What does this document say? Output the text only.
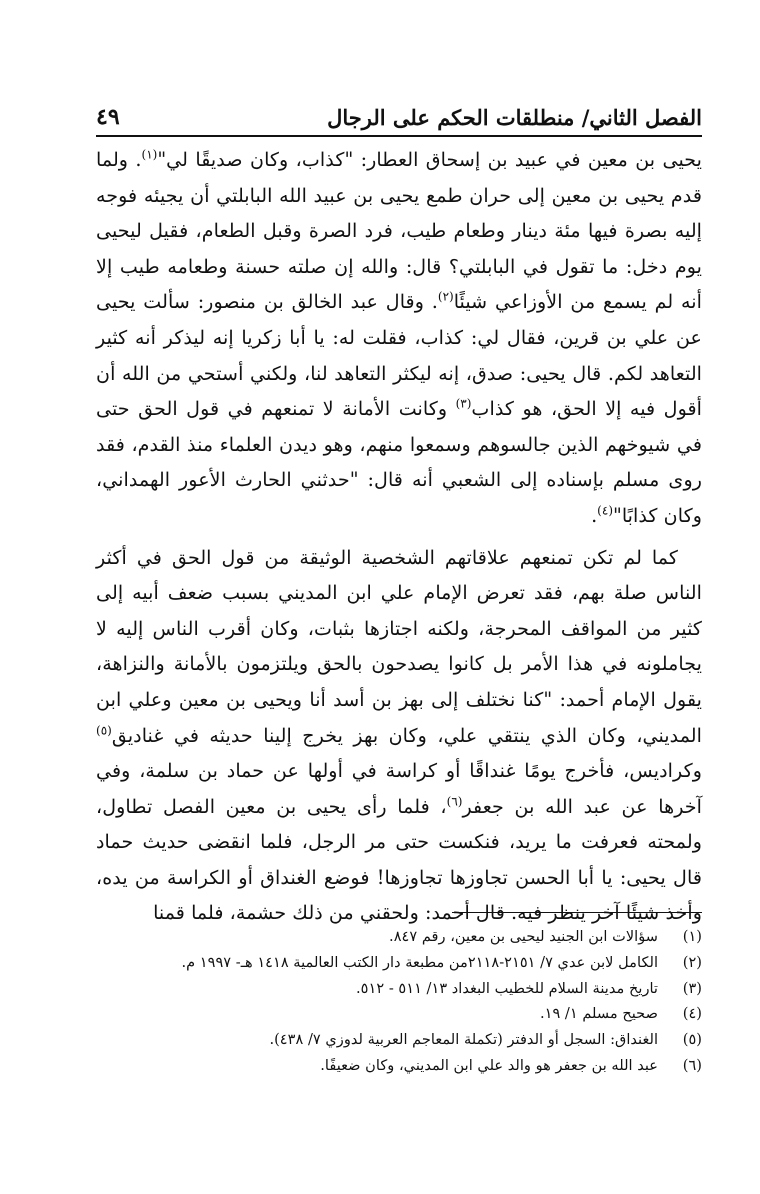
الفصل الثاني/ منطلقات الحكم على الرجال
٤٩

يحيى بن معين في عبيد بن إسحاق العطار: "كذاب، وكان صديقًا لي"$^{(١)}$. ولما قدم يحيى بن معين إلى حران طمع يحيى بن عبيد الله البابلتي أن يجيئه فوجه إليه بصرة فيها مئة دينار وطعام طيب، فرد الصرة وقبل الطعام، فقيل ليحيى يوم دخل: ما تقول في البابلتي؟ قال: والله إن صلته حسنة وطعامه طيب إلا أنه لم يسمع من الأوزاعي شيئًا$^{(٢)}$. وقال عبد الخالق بن منصور: سألت يحيى عن علي بن قرين، فقال لي: كذاب، فقلت له: يا أبا زكريا إنه ليذكر أنه كثير التعاهد لكم. قال يحيى: صدق، إنه ليكثر التعاهد لنا، ولكني أستحي من الله أن أقول فيه إلا الحق، هو كذاب$^{(٣)}$ وكانت الأمانة لا تمنعهم في قول الحق حتى في شيوخهم الذين جالسوهم وسمعوا منهم، وهو ديدن العلماء منذ القدم، فقد روى مسلم بإسناده إلى الشعبي أنه قال: "حدثني الحارث الأعور الهمداني، وكان كذابًا"$^{(٤)}$.

كما لم تكن تمنعهم علاقاتهم الشخصية الوثيقة من قول الحق في أكثر الناس صلة بهم، فقد تعرض الإمام علي ابن المديني بسبب ضعف أبيه إلى كثير من المواقف المحرجة، ولكنه اجتازها بثبات، وكان أقرب الناس إليه لا يجاملونه في هذا الأمر بل كانوا يصدحون بالحق ويلتزمون بالأمانة والنزاهة، يقول الإمام أحمد: "كنا نختلف إلى بهز بن أسد أنا ويحيى بن معين وعلي ابن المديني، وكان الذي ينتقي علي، وكان بهز يخرج إلينا حديثه في غناديق$^{(٥)}$ وكراديس، فأخرج يومًا غنداقًا أو كراسة في أولها عن حماد بن سلمة، وفي آخرها عن عبد الله بن جعفر$^{(٦)}$، فلما رأى يحيى بن معين الفصل تطاول، ولمحته فعرفت ما يريد، فنكست حتى مر الرجل، فلما انقضى حديث حماد قال يحيى: يا أبا الحسن تجاوزها تجاوزها! فوضع الغنداق أو الكراسة من يده، وأخذ شيئًا آخر ينظر فيه. قال أحمد: ولحقني من ذلك حشمة، فلما قمنا

(١)
سؤالات ابن الجنيد ليحيى بن معين، رقم ٨٤٧.
(٢)
الكامل لابن عدي ٧/ ٢١٥١-٢١١٨من مطبعة دار الكتب العالمية ١٤١٨ هـ- ١٩٩٧ م.
(٣)
تاريخ مدينة السلام للخطيب البغداد ١٣/ ٥١١ - ٥١٢.
(٤)
صحيح مسلم ١/ ١٩.
(٥)
الغنداق: السجل أو الدفتر (تكملة المعاجم العربية لدوزي ٧/ ٤٣٨).
(٦)
عبد الله بن جعفر هو والد علي ابن المديني، وكان ضعيفًا.
